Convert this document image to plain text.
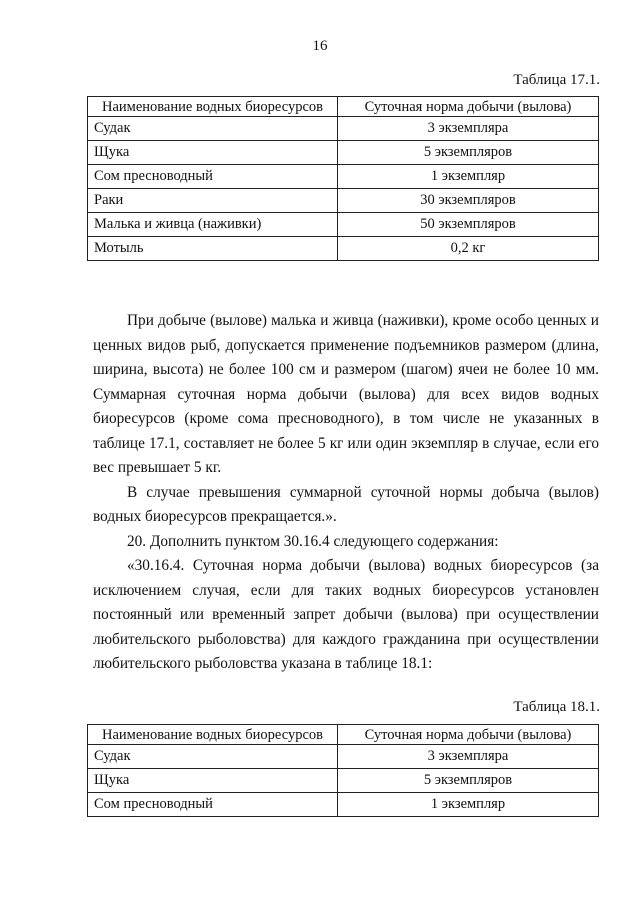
16
Таблица 17.1.
Наименование водных биоресурсов	Суточная норма добычи (вылова)
Судак	3 экземпляра
Щука	5 экземпляров
Сом пресноводный	1 экземпляр
Раки	30 экземпляров
Малька и живца (наживки)	50 экземпляров
Мотыль	0,2 кг

При добыче (вылове) малька и живца (наживки), кроме особо ценных и ценных видов рыб, допускается применение подъемников размером (длина, ширина, высота) не более 100 см и размером (шагом) ячеи не более 10 мм. Суммарная суточная норма добычи (вылова) для всех видов водных биоресурсов (кроме сома пресноводного), в том числе не указанных в таблице 17.1, составляет не более 5 кг или один экземпляр в случае, если его вес превышает 5 кг.

В случае превышения суммарной суточной нормы добыча (вылов) водных биоресурсов прекращается.».

20. Дополнить пунктом 30.16.4 следующего содержания:

«30.16.4. Суточная норма добычи (вылова) водных биоресурсов (за исключением случая, если для таких водных биоресурсов установлен постоянный или временный запрет добычи (вылова) при осуществлении любительского рыболовства) для каждого гражданина при осуществлении любительского рыболовства указана в таблице 18.1:

Таблица 18.1.
Наименование водных биоресурсов	Суточная норма добычи (вылова)
Судак	3 экземпляра
Щука	5 экземпляров
Сом пресноводный	1 экземпляр
